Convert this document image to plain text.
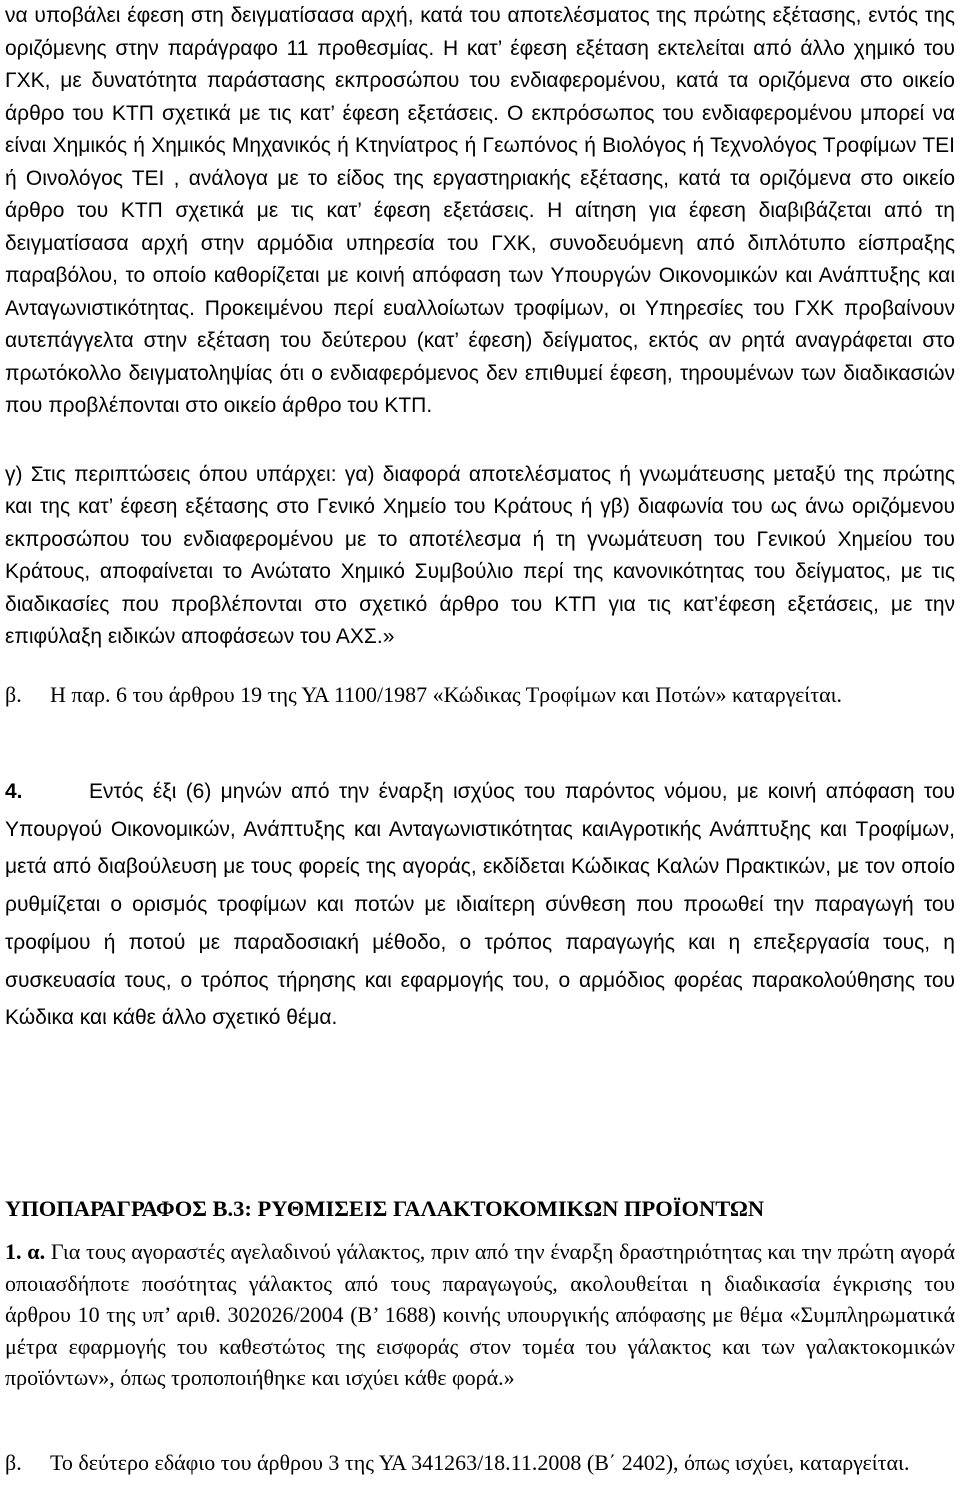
να υποβάλει έφεση στη δειγματίσασα αρχή, κατά του αποτελέσματος της πρώτης εξέτασης, εντός της οριζόμενης στην παράγραφο 11 προθεσμίας. Η κατ’ έφεση εξέταση εκτελείται από άλλο χημικό του ΓΧΚ, με δυνατότητα παράστασης εκπροσώπου του ενδιαφερομένου, κατά τα οριζόμενα στο οικείο άρθρο του ΚΤΠ σχετικά με τις κατ’ έφεση εξετάσεις. Ο εκπρόσωπος του ενδιαφερομένου μπορεί να είναι Χημικός ή Χημικός Μηχανικός ή Κτηνίατρος ή Γεωπόνος ή Βιολόγος ή Τεχνολόγος Τροφίμων ΤΕΙ ή Οινολόγος ΤΕΙ , ανάλογα με το είδος της εργαστηριακής εξέτασης, κατά τα οριζόμενα στο οικείο άρθρο του ΚΤΠ σχετικά με τις κατ’ έφεση εξετάσεις. Η αίτηση για έφεση διαβιβάζεται από τη δειγματίσασα αρχή στην αρμόδια υπηρεσία του ΓΧΚ, συνοδευόμενη από διπλότυπο είσπραξης παραβόλου, το οποίο καθορίζεται με κοινή απόφαση των Υπουργών Οικονομικών και Ανάπτυξης και Ανταγωνιστικότητας. Προκειμένου περί ευαλλοίωτων τροφίμων, οι Υπηρεσίες του ΓΧΚ προβαίνουν αυτεπάγγελτα στην εξέταση του δεύτερου (κατ’ έφεση) δείγματος, εκτός αν ρητά αναγράφεται στο πρωτόκολλο δειγματοληψίας ότι ο ενδιαφερόμενος δεν επιθυμεί έφεση, τηρουμένων των διαδικασιών που προβλέπονται στο οικείο άρθρο του ΚΤΠ.

γ) Στις περιπτώσεις όπου υπάρχει: γα) διαφορά αποτελέσματος ή γνωμάτευσης μεταξύ της πρώτης και της κατ’ έφεση εξέτασης στο Γενικό Χημείο του Κράτους ή γβ) διαφωνία του ως άνω οριζόμενου εκπροσώπου του ενδιαφερομένου με το αποτέλεσμα ή τη γνωμάτευση του Γενικού Χημείου του Κράτους, αποφαίνεται το Ανώτατο Χημικό Συμβούλιο περί της κανονικότητας του δείγματος, με τις διαδικασίες που προβλέπονται στο σχετικό άρθρο του ΚΤΠ για τις κατ’έφεση εξετάσεις, με την επιφύλαξη ειδικών αποφάσεων του ΑΧΣ.»

β. Η παρ. 6 του άρθρου 19 της ΥΑ 1100/1987 «Κώδικας Τροφίμων και Ποτών» καταργείται.

4.	Εντός έξι (6) μηνών από την έναρξη ισχύος του παρόντος νόμου, με κοινή απόφαση του Υπουργού Οικονομικών, Ανάπτυξης και Ανταγωνιστικότητας καιΑγροτικής Ανάπτυξης και Τροφίμων, μετά από διαβούλευση με τους φορείς της αγοράς, εκδίδεται Κώδικας Καλών Πρακτικών, με τον οποίο ρυθμίζεται ο ορισμός τροφίμων και ποτών με ιδιαίτερη σύνθεση που προωθεί την παραγωγή του τροφίμου ή ποτού με παραδοσιακή μέθοδο, ο τρόπος παραγωγής και η επεξεργασία τους, η συσκευασία τους, ο τρόπος τήρησης και εφαρμογής του, ο αρμόδιος φορέας παρακολούθησης του Κώδικα και κάθε άλλο σχετικό θέμα.

ΥΠΟΠΑΡΑΓΡΑΦΟΣ Β.3: ΡΥΘΜΙΣΕΙΣ ΓΑΛΑΚΤΟΚΟΜΙΚΩΝ ΠΡΟΪΟΝΤΩΝ

1. α. Για τους αγοραστές αγελαδινού γάλακτος, πριν από την έναρξη δραστηριότητας και την πρώτη αγορά οποιασδήποτε ποσότητας γάλακτος από τους παραγωγούς, ακολουθείται η διαδικασία έγκρισης του άρθρου 10 της υπ’ αριθ. 302026/2004 (Β’ 1688) κοινής υπουργικής απόφασης με θέμα «Συμπληρωματικά μέτρα εφαρμογής του καθεστώτος της εισφοράς στον τομέα του γάλακτος και των γαλακτοκομικών προϊόντων», όπως τροποποιήθηκε και ισχύει κάθε φορά.»

β. Το δεύτερο εδάφιο του άρθρου 3 της ΥΑ 341263/18.11.2008 (Β΄ 2402), όπως ισχύει, καταργείται.
